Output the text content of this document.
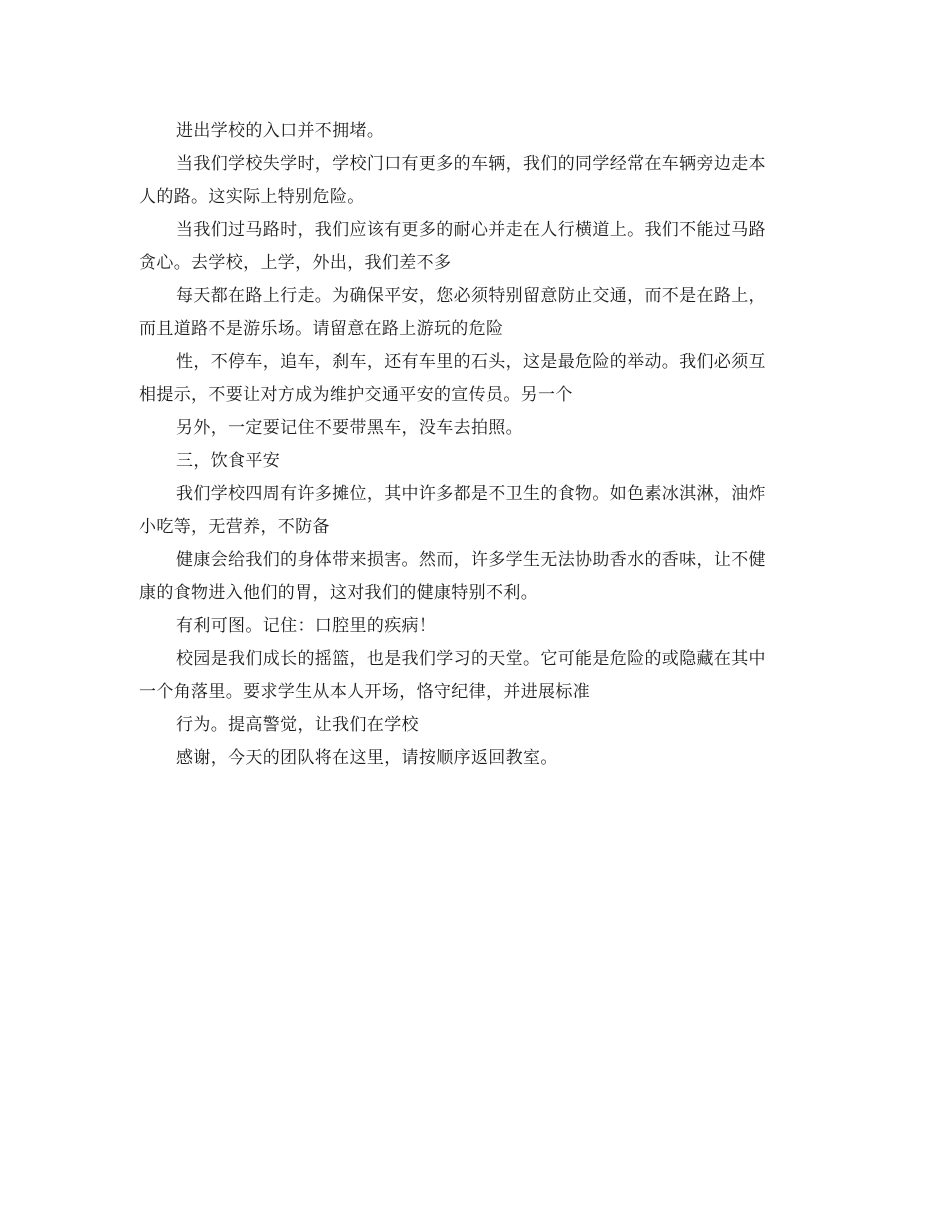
进出学校的入口并不拥堵。

当我们学校失学时，学校门口有更多的车辆，我们的同学经常在车辆旁边走本
人的路。这实际上特别危险。

当我们过马路时，我们应该有更多的耐心并走在人行横道上。我们不能过马路
贪心。去学校，上学，外出，我们差不多

每天都在路上行走。为确保平安，您必须特别留意防止交通，而不是在路上，
而且道路不是游乐场。请留意在路上游玩的危险

性，不停车，追车，刹车，还有车里的石头，这是最危险的举动。我们必须互
相提示，不要让对方成为维护交通平安的宣传员。另一个

另外，一定要记住不要带黑车，没车去拍照。

三，饮食平安

我们学校四周有许多摊位，其中许多都是不卫生的食物。如色素冰淇淋，油炸
小吃等，无营养，不防备

健康会给我们的身体带来损害。然而，许多学生无法协助香水的香味，让不健
康的食物进入他们的胃，这对我们的健康特别不利。

有利可图。记住：口腔里的疾病！

校园是我们成长的摇篮，也是我们学习的天堂。它可能是危险的或隐藏在其中
一个角落里。要求学生从本人开场，恪守纪律，并进展标准

行为。提高警觉，让我们在学校

感谢，今天的团队将在这里，请按顺序返回教室。
